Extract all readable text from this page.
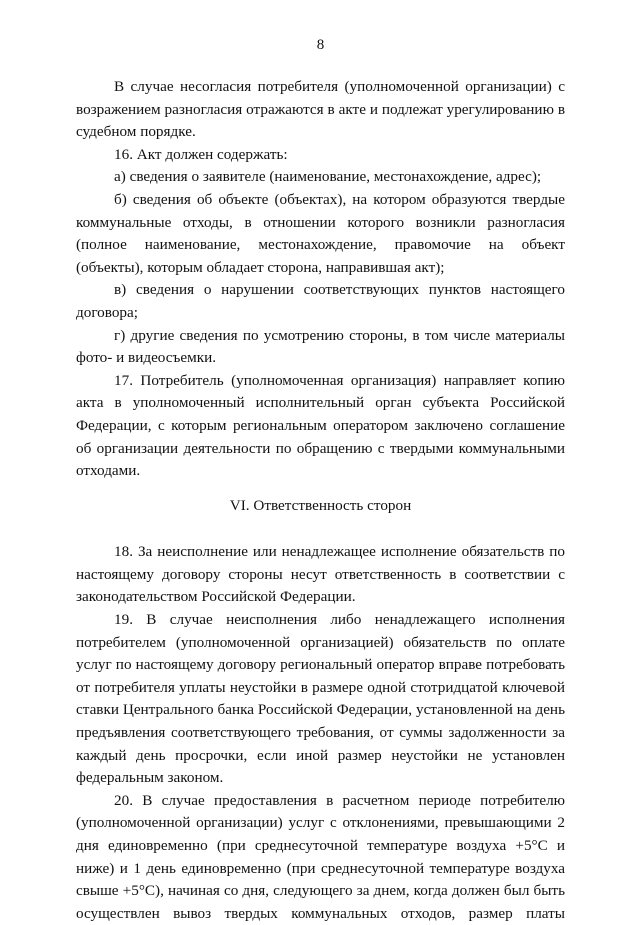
8

В случае несогласия потребителя (уполномоченной организации) с возражением разногласия отражаются в акте и подлежат урегулированию в судебном порядке.

16. Акт должен содержать:

а) сведения о заявителе (наименование, местонахождение, адрес);

б) сведения об объекте (объектах), на котором образуются твердые коммунальные отходы, в отношении которого возникли разногласия (полное наименование, местонахождение, правомочие на объект (объекты), которым обладает сторона, направившая акт);

в) сведения о нарушении соответствующих пунктов настоящего договора;

г) другие сведения по усмотрению стороны, в том числе материалы фото- и видеосъемки.

17. Потребитель (уполномоченная организация) направляет копию акта в уполномоченный исполнительный орган субъекта Российской Федерации, с которым региональным оператором заключено соглашение об организации деятельности по обращению с твердыми коммунальными отходами.

VI. Ответственность сторон

18. За неисполнение или ненадлежащее исполнение обязательств по настоящему договору стороны несут ответственность в соответствии с законодательством Российской Федерации.

19. В случае неисполнения либо ненадлежащего исполнения потребителем (уполномоченной организацией) обязательств по оплате услуг по настоящему договору региональный оператор вправе потребовать от потребителя уплаты неустойки в размере одной стотридцатой ключевой ставки Центрального банка Российской Федерации, установленной на день предъявления соответствующего требования, от суммы задолженности за каждый день просрочки, если иной размер неустойки не установлен федеральным законом.

20. В случае предоставления в расчетном периоде потребителю (уполномоченной организации) услуг с отклонениями, превышающими 2 дня единовременно (при среднесуточной температуре воздуха +5°C и ниже) и 1 день единовременно (при среднесуточной температуре воздуха свыше +5°C), начиная со дня, следующего за днем, когда должен был быть осуществлен вывоз твердых коммунальных отходов, размер платы
